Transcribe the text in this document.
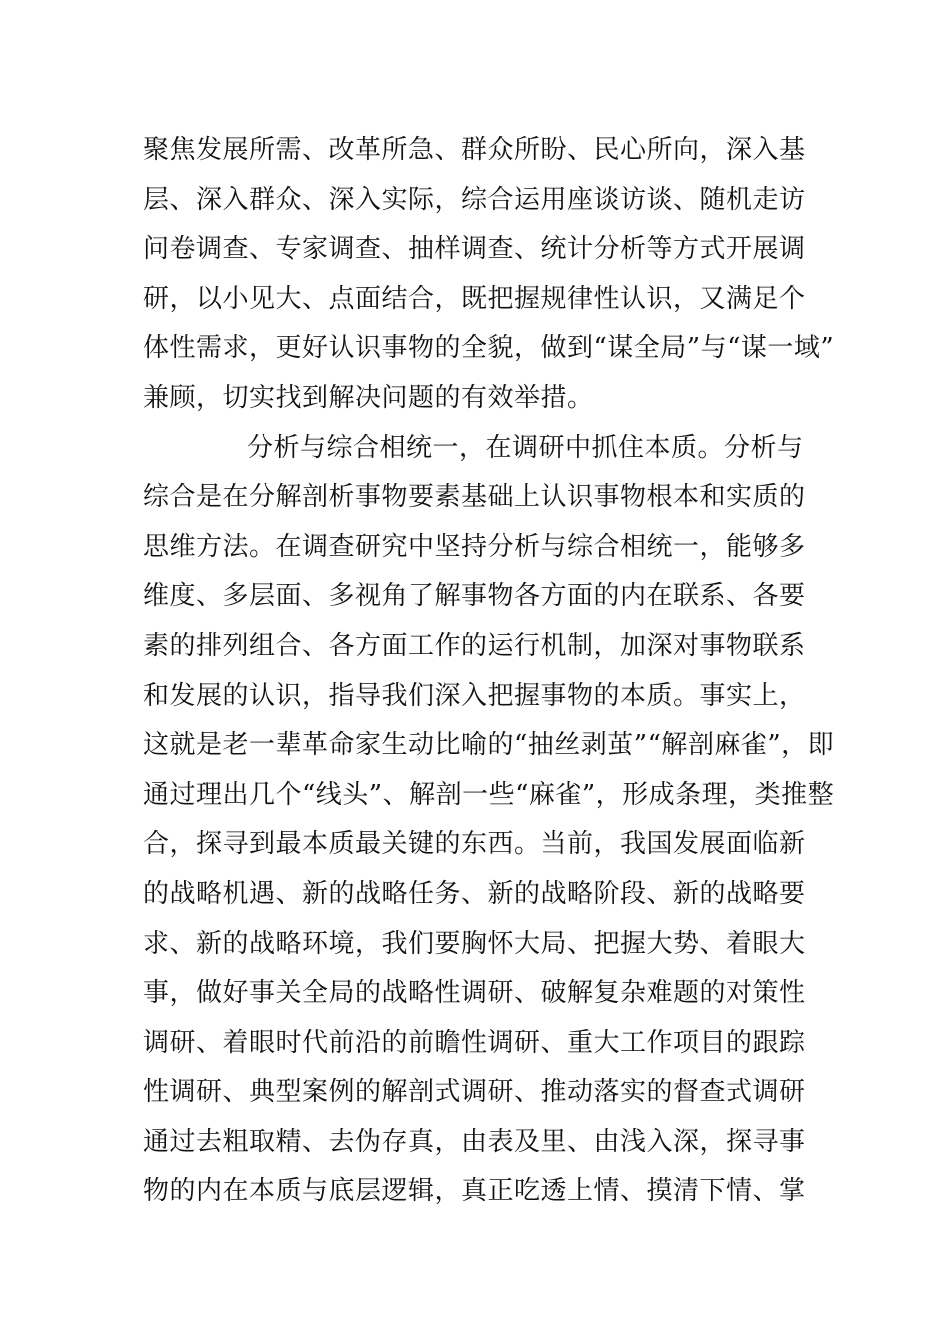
聚焦发展所需、改革所急、群众所盼、民心所向，深入基
层、深入群众、深入实际，综合运用座谈访谈、随机走访
问卷调查、专家调查、抽样调查、统计分析等方式开展调
研，以小见大、点面结合，既把握规律性认识，又满足个
体性需求，更好认识事物的全貌，做到“谋全局”与“谋一域”
兼顾，切实找到解决问题的有效举措。
分析与综合相统一，在调研中抓住本质。分析与
综合是在分解剖析事物要素基础上认识事物根本和实质的
思维方法。在调查研究中坚持分析与综合相统一，能够多
维度、多层面、多视角了解事物各方面的内在联系、各要
素的排列组合、各方面工作的运行机制，加深对事物联系
和发展的认识，指导我们深入把握事物的本质。事实上，
这就是老一辈革命家生动比喻的“抽丝剥茧”“解剖麻雀”，即
通过理出几个“线头”、解剖一些“麻雀”，形成条理，类推整
合，探寻到最本质最关键的东西。当前，我国发展面临新
的战略机遇、新的战略任务、新的战略阶段、新的战略要
求、新的战略环境，我们要胸怀大局、把握大势、着眼大
事，做好事关全局的战略性调研、破解复杂难题的对策性
调研、着眼时代前沿的前瞻性调研、重大工作项目的跟踪
性调研、典型案例的解剖式调研、推动落实的督查式调研
通过去粗取精、去伪存真，由表及里、由浅入深，探寻事
物的内在本质与底层逻辑，真正吃透上情、摸清下情、掌
